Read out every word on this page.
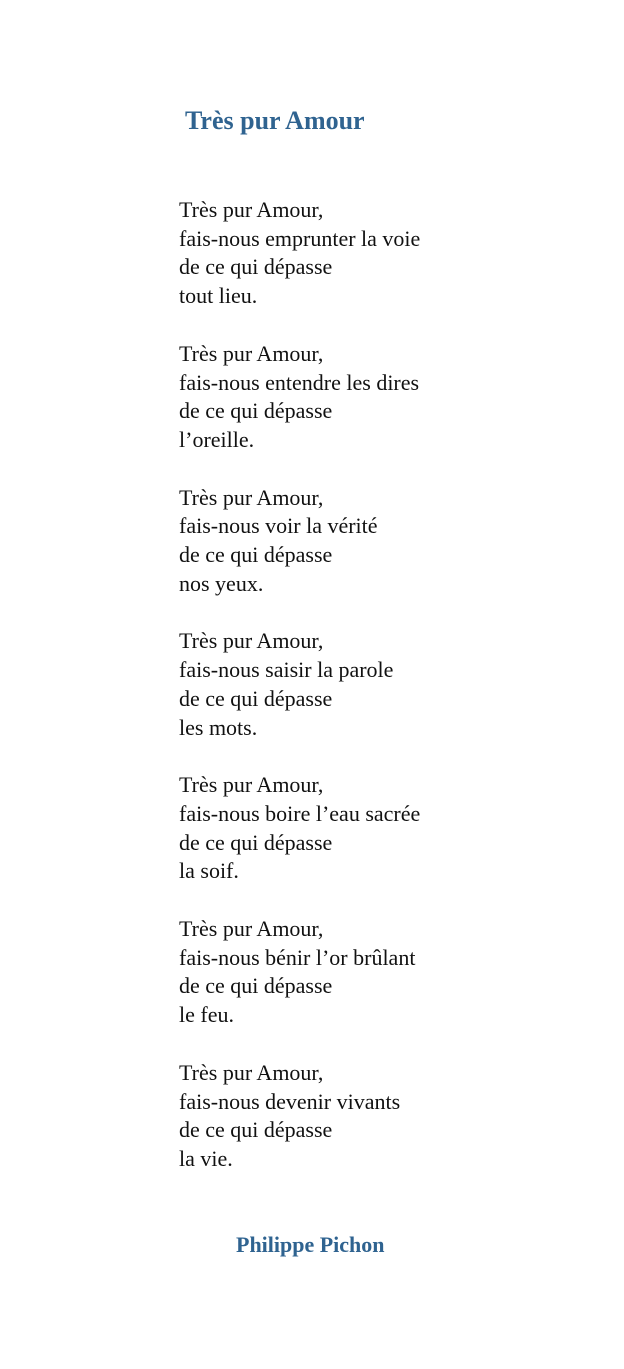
Très pur Amour
Très pur Amour,
fais-nous emprunter la voie
de ce qui dépasse
tout lieu.
Très pur Amour,
fais-nous entendre les dires
de ce qui dépasse
l’oreille.
Très pur Amour,
fais-nous voir la vérité
de ce qui dépasse
nos yeux.
Très pur Amour,
fais-nous saisir la parole
de ce qui dépasse
les mots.
Très pur Amour,
fais-nous boire l’eau sacrée
de ce qui dépasse
la soif.
Très pur Amour,
fais-nous bénir l’or brûlant
de ce qui dépasse
le feu.
Très pur Amour,
fais-nous devenir vivants
de ce qui dépasse
la vie.

Philippe Pichon
